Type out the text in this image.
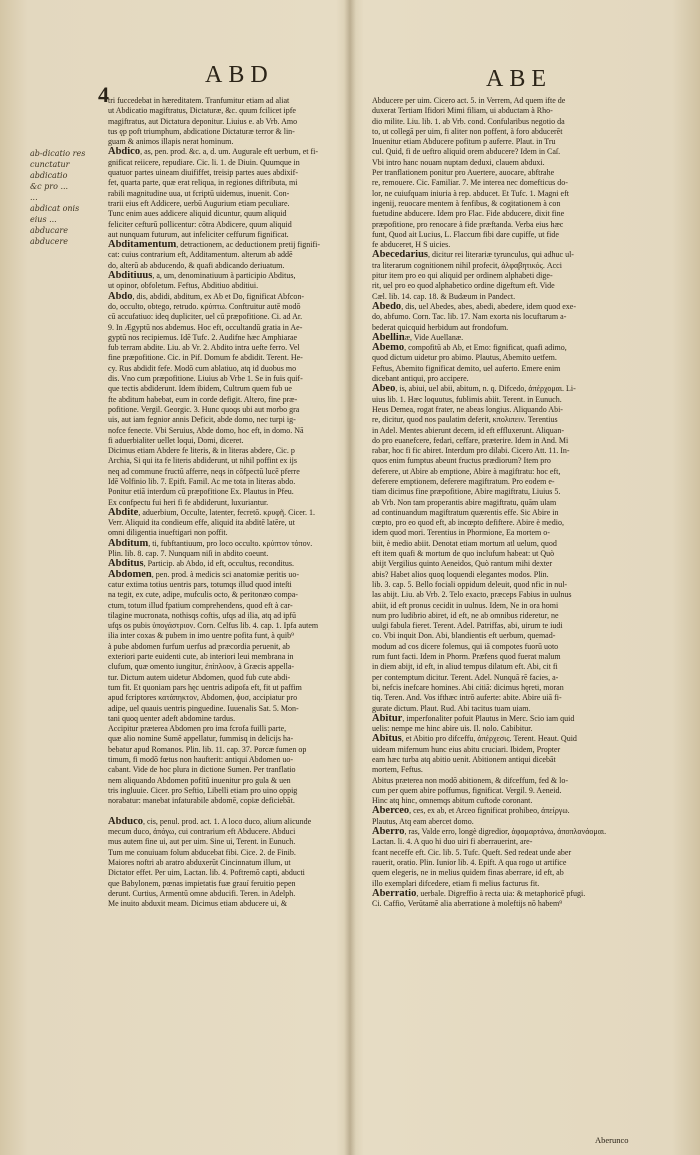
4
ABD	ABE
ab-dicatio res
cunctatur
abdicatio
&c pro ...
...
abdicat onis
eius ...
abducare
abducere
tri fuccedebat in hæreditatem. Tranfumitur etiam ad aliat
ut Abdicatio magiftratus, Dictaturæ, &c. quum fcilicet ipfe
magiftratus, aut Dictatura deponitur. Liuius e. ab Vrb. Amo
tus ęp poft triumphum, abdicatione Dictaturæ terror & lin-
guam & animos illapis nerat hominum.
Abdico, as, pen. prod. &c. a, d. um. Augurale eft uerbum, et fi-
gnificat reiicere, repudiare. Cic. li. 1. de Diuin. Quumque in
quatuor partes uineam diuififfet, treisip partes aues abdixif-
fet, quarta parte, quæ erat reliqua, in regiones diftributa, mi
rabili magnitudine uua, ut fcriptū uidemus, inuenit. Con-
trarii eius eft Addicere, uerbū Augurium etiam peculiare.
Tunc enim aues addicere aliquid dicuntur, quum aliquid
feliciter cefturū pollicentur: cōtra Abdicere, quum aliquid
aut nunquam futurum, aut infeliciter ceffurum fignificat.
Abditamentum, detractionem, ac deductionem pretij fignifi-
cat: cuius contrarium eft, Additamentum. alterum ab addē
do, alterū ab abducendo, & quafi abdicando deriuatum.
Abditiuus, a, um, denominatiuum à participio Abditus,
ut opinor, obfoletum. Feftus, Abditiuo abditiui.
Abdo, dis, abdidi, abditum, ex Ab et Do, fignificat Abfcon-
do, occulto, obtego, retrudo. κρύπτω. Conftruitur autē modō
cū accufatiuo: ideq dupliciter, uel cū præpofitione. Ci. ad Ar.
9. In Ægyptū nos abdemus. Hoc eft, occultandū gratia in Ae-
gyptū nos recipiemus. Idē Tufc. 2. Audifne hæc Amphiarae
fub terram abdite. Liu. ab Vr. 2. Abdito intra uefte ferro. Vel
fine præpofitione. Cic. in Pif. Domum fe abdidit. Terent. He-
cy. Rus abdidit fefe. Modō cum ablatiuo, atq id duobus mo
dis. Vno cum præpofitione. Liuius ab Vrbe 1. Se in fuis quif-
que tectis abdiderunt. Idem ibidem, Cultrum quem fub ue
fte abditum habebat, eum in corde defigit. Altero, fine præ-
pofitione. Vergil. Georgic. 3. Hunc quoqs ubi aut morbo gra
uis, aut iam fegnior annis Deficit, abde domo, nec turpi ig-
nofce fenecte. Vbi Seruius, Abde domo, hoc eft, in domo. Nā
fi aduerbialiter uellet loqui, Domi, diceret.
Dicimus etiam Abdere fe literis, & in literas abdere, Cic. p
Archia, Si qui ita fe literis abdiderunt, ut nihil poffint ex ijs
neq ad commune fructū afferre, neqs in cōfpectū lucē pferre
Idē Volfinio lib. 7. Epift. Famil. Ac me tota in literas abdo.
Ponitur etiā interdum cū præpofitione Ex. Plautus in Pfeu.
Ex confpectu fui heri fi fe abdiderunt, luxuriantur.
Abdite, aduerbium, Occulte, latenter, fecretō. κρυφῆ. Cicer. 1.
Verr. Aliquid ita condieum effe, aliquid ita abditē latēre, ut
omni diligentia inueftigari non poffit.
Abditum, ti, fubftantiuum, pro loco occulto. κρύπτον τόπον.
Plin. lib. 8. cap. 7. Nunquam niſi in abdito coeunt.
Abditus, Particip. ab Abdo, id eft, occultus, reconditus.
Abdomen, pen. prod. à medicis sci anatomiæ peritis uo-
catur extima totius uentris pars, totumqs illud quod inteſti
na tegit, ex cute, adipe, mufculis octo, & peritonæo compa-
ctum, totum illud fpatium comprehendens, quod eft à car-
tilagine mucronata, nothisqs coftis, ufqs ad ilia, atq ad ipfū
ufqs os pubis ὑπογάστριον. Corn. Celfus lib. 4. cap. 1. Ipfa autem
ilia inter coxas & pubem in imo uentre pofita funt, à quib⁹
à pube abdomen furfum uerfus ad præcordia peruenit, ab
exteriori parte euidenti cute, ab interiori leui membrana in
clufum, quæ omento iungitur, ἐπίπλοον, à Græcis appella-
tur. Dictum autem uidetur Abdomen, quod fub cute abdi-
tum fit. Et quoniam pars hęc uentris adipofa eft, fit ut paffim
apud fcriptores κατάπηκτον, Abdomen, ϕυσ, accipiatur pro
adipe, uel quauis uentris pinguedine. Iuuenalis Sat. 5. Mon-
tani quoq uenter adeft abdomine tardus.
Accipitur præterea Abdomen pro ima fcrofa fuilli parte,
quæ alio nomine Sumē appellatur, fummisq in delicijs ha-
bebatur apud Romanos. Plin. lib. 11. cap. 37. Porcæ fumen op
timum, fi modō fœtus non haufterit: antiqui Abdomen uo-
cabant. Vide de hoc plura in dictione Sumen. Per tranflatio
nem aliquando Abdomen pofitū inuenitur pro gula & uen
tris ingluuie. Cicer. pro Seftio, Libelli etiam pro uino oppig
norabatur: manebat infaturabile abdomē, copiæ deficiebāt.
Abduco, cis, penul. prod. act. 1. A loco duco, alium alicunde
mecum duco, ἀπάγω, cui contrarium eft Abducere. Abduci
mus autem fine ui, aut per uim. Sine ui, Terent. in Eunuch.
Tum me conuiuam folum abducebat fibi. Cice. 2. de Finib.
Maiores noftri ab aratro abduxerūt Cincinnatum illum, ut
Dictator effet. Per uim, Lactan. lib. 4. Poftremō capti, abducti
que Babylonem, pœnas impietatis fuæ grauí feruitio pepen
derunt. Curtius, Armentū omne abducifi. Teren. in Adelph.
Me inuito abduxit meam. Dicimus etiam abducere ui, &
Abducere per uim. Cicero act. 5. in Verrem, Ad quem ifte de
duxerat Tertiam Ifidori Mimi filiam, ui abductam à Rho-
dio milite. Liu. lib. 1. ab Vrb. cond. Confularibus negotio da
to, ut collegā per uim, fi aliter non poffent, à foro abducerēt
Inuenitur etiam Abducere pofitum p auferre. Plaut. in Tru
cul. Quid, fi de ueftro aliquid orem abducere? Idem in Caſ.
Vbi intro hanc nouam nuptam deduxi, clauem abduxi.
Per tranflationem ponitur pro Auertere, auocare, abftrahe
re, remouere. Cic. Familiar. 7. Me interea nec domefticus do-
lor, ne cuiufquam iniuria à rep. abducet. Et Tufc. 1. Magni eft
ingenij, reuocare mentem à fenfibus, & cogitationem à con
fuetudine abducere. Idem pro Flac. Fide abducere, dixit fine
præpofitione, pro renocare à fide præftanda. Verba eius hæc
funt, Quod ait Lucius, L. Flaccum fibi dare cupiffe, ut fide
fe abduceret, H S uicies.
Abecedarius, dicitur rei literariæ tyrunculus, qui adhuc ul-
tra literarum cognitionem nihil profecit, ἀλφαβητικός. Acci
pitur item pro eo qui aliquid per ordinem alphabeti dige-
rit, uel pro eo quod alphabetico ordine digeftum eft. Vide
Cæl. lib. 14. cap. 18. & Budæum in Pandect.
Abedo, dis, uel Abedes, abes, abedi, abedere, idem quod exe-
do, abfumo. Corn. Tac. lib. 17. Nam exorta nis locuftarum a-
bederat quicquid herbidum aut frondofum.
Abellinæ, Vide Auellanæ.
Abemo, compofitū ab Ab, et Emo: fignificat, quafi adimo,
quod dictum uidetur pro abimo. Plautus, Abemito uetfem.
Feftus, Abemito fignificat demito, uel auferto. Emere enim
dicebant antiqui, pro accipere.
Abeo, is, abiui, uel abii, abitum, n. q. Difcedo, ἀπέρχομαι. Li-
uius lib. 1. Hæc loquutus, fublimis abiit. Terent. in Eunuch.
Heus Demea, rogat frater, ne abeas longius. Aliquando Abi-
re, dicitur, quod nos paulatim deferit, κπολιπειν. Terentius
in Adel. Mentes abierunt decem, id eft effluxerunt. Aliquan-
do pro euanefcere, fedari, ceffare, præterire. Idem in And. Mi
rabar, hoc fi fic abiret. Interdum pro dilabi. Cicero Att. 11. In-
quos enim fumptus abeunt fructus prædiorum? Item pro
deferere, ut Abire ab emptione, Abire à magiftratu: hoc eft,
deferere emptionem, deferere magiftratum. Pro eodem e-
tiam dicimus fine præpofitione, Abire magiftratu, Liuius 5.
ab Vrb. Non tam properantis abire magiftratu, quām ulam
ad continuandum magiftratum quærentis effe. Sic Abire in
cœpto, pro eo quod eft, ab incœpto defiftere. Abire è medio,
idem quod mori. Terentius in Phormione, Ea mortem o-
biit, è medio abiit. Denotat etiam mortum atl uelum, quod
eft item quafi & mortum de quo inclufum habeat: ut Quò
abijt Vergilius quinto Aeneidos, Quò rantum mihi dexter
abis? Habet alios quoq loquendi elegantes modos. Plin.
lib. 3. cap. 5. Bello fociali oppidum deleuit, quod nfic in nul-
las abijt. Liu. ab Vrb. 2. Telo exacto, præceps Fabius in uulnus
abiit, id eft pronus cecidit in uulnus. Idem, Ne in ora homi
num pro ludibrio abiret, id eft, ne ab omnibus rideretur, ne
uulgi fabula fieret. Terent. Adel. Patriffas, abi, uirum te iudi
co. Vbi inquit Don. Abi, blandientis eft uerbum, quemad-
modum ad cos dicere folemus, qui iā compotes fuorū uoto
rum funt facti. Idem in Phorm. Præfens quod fuerat malum
in diem abijt, id eft, in aliud tempus dilatum eft. Abi, cit fi
per contemptum dicitur. Terent. Adel. Nunquā rē facies, a-
bi, nefcis inefcare homines. Abi citiā: dicimus hęreti, moran
tiq. Teren. And. Vos ifthæc intrō auferte: abite. Abire uiā fi-
gurate dictum. Plaut. Rud. Abi tacitus tuam uiam.
Abitur, imperfonaliter pofuit Plautus in Merc. Scio iam quid
uelis: nempe me hinc abire uis. Il. nolo. Cabibitur.
Abitus, et Abitio pro difceffu, ἀπέρχεσις. Terent. Heaut. Quid
uideam mifernum hunc eius abitu cruciari. Ibidem, Propter
eam hæc turba atq abitio uenit. Abitionem antiqui dicebāt
mortem, Feftus.
Abitus præterea non modō abitionem, & difceffum, fed & lo-
cum per quem abire poffumus, fignificat. Vergil. 9. Aeneid.
Hinc atq hinc, omnemqs abitum cuftode coronant.
Aberceo, ces, ex ab, et Arceo fignificat prohibeo, ἀπείργω.
Plautus, Atq eam abercet domo.
Aberro, ras, Valde erro, longè digredior, ἀφαμαρτάνω, ἀποπλανάομαι.
Lactan. li. 4. A quo hi duo uiri fi aberrauerint, are-
fcant neceffe eft. Cic. lib. 5. Tufc. Queft. Sed redeat unde aber
rauerit, oratio. Plin. Iunior lib. 4. Epift. A qua rogo ut artifice
quem elegeris, ne in melius quidem finas aberrare, id eft, ab
illo exemplari difcedere, etiam fi melius facturus fit.
Aberratio, uerbale. Digreffio à recta uia: & metaphoricē pfugi.
Ci. Caffio, Verūtamē alia aberratione à moleftijs nō habem⁹
Aberunco
